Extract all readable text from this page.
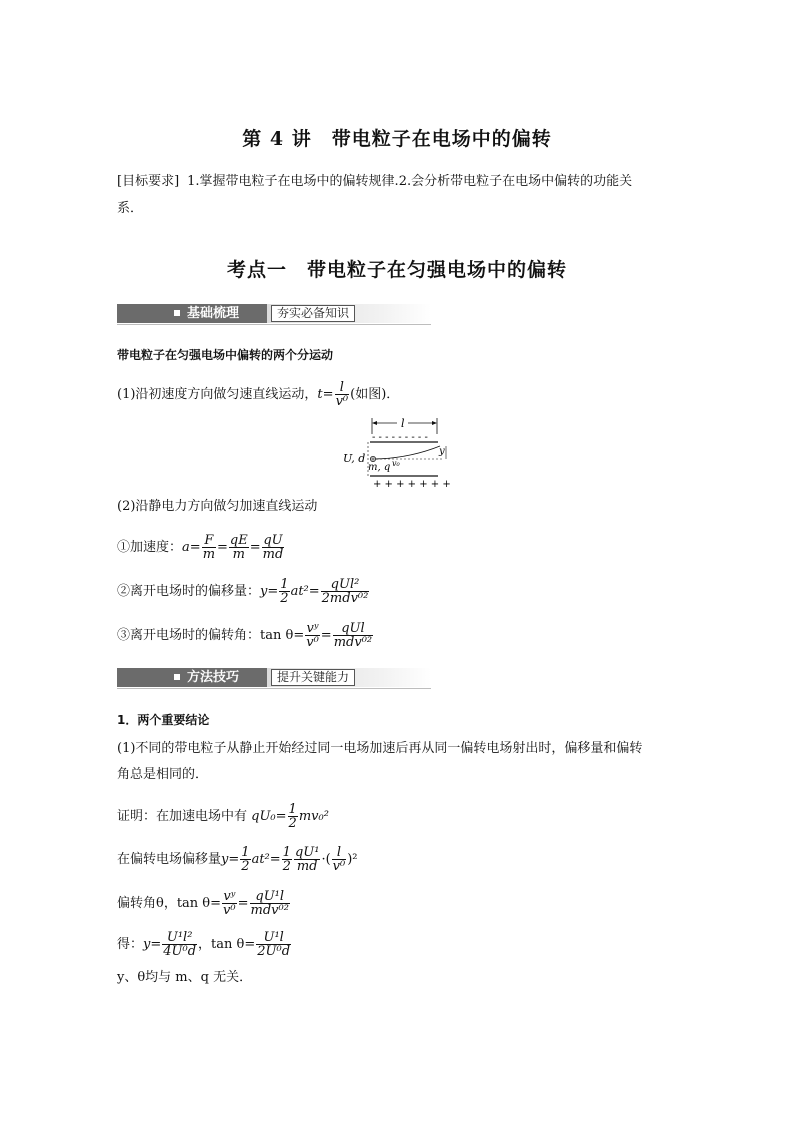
第 4 讲　带电粒子在电场中的偏转
[目标要求] 1.掌握带电粒子在电场中的偏转规律.2.会分析带电粒子在电场中偏转的功能关
系．
考点一　带电粒子在匀强电场中的偏转
基础梳理	夯实必备知识
带电粒子在匀强电场中偏转的两个分运动
(1)沿初速度方向做匀速直线运动，$t= \frac{l}{\text{v⁰}}$ (如图)．
l
- - - - - - - - -
+ + + + + + +
U, d
y
m, q v₀
(2)沿静电力方向做匀加速直线运动
①加速度：$a= \frac{F}{m} = \frac{qE}{m} = \frac{qU}{md}$
②离开电场时的偏移量：$y= \frac{1}{2} at^2= \frac{\text{qUl²}}{\text{2mdv⁰²}}$
③离开电场时的偏转角：$\tan \theta= \frac{\text{vʸ}}{\text{v⁰}} = \frac{\text{qUl}}{\text{mdv⁰²}}$
方法技巧	提升关键能力
1．两个重要结论
(1)不同的带电粒子从静止开始经过同一电场加速后再从同一偏转电场射出时，偏移量和偏转
角总是相同的．
证明：在加速电场中有 $qU_0= \frac{1}{2} mv_0^2$
在偏转电场偏移量$y= \frac{1}{2} at^2= \frac{1}{2} \frac{\text{qU¹}}{md}$ ·( $\frac{l}{\text{v⁰}} )^2$
偏转角θ，$\tan \theta= \frac{\text{vʸ}}{\text{v⁰}} = \frac{\text{qU¹l}}{\text{mdv⁰²}}$
得：$y= \frac{\text{U¹l²}}{\text{4U⁰d}}$ ，$\tan \theta= \frac{\text{U¹l}}{\text{2U⁰d}}$
y、θ均与 m、q 无关．
